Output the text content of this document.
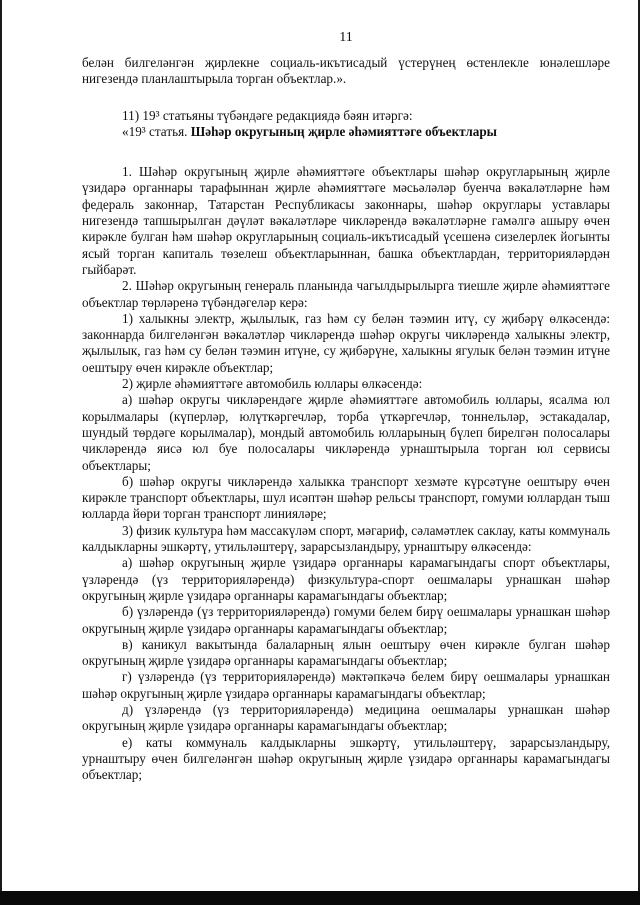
11

белән билгеләнгән җирлекне социаль-икътисадый үстерүнең өстенлекле юнәлешләре нигезендә планлаштырыла торган объектлар.».

11) 19³ статьяны түбәндәге редакциядә бәян итәргә:

«19³ статья. Шәһәр округының җирле әһәмияттәге объектлары

1. Шәһәр округының җирле әһәмияттәге объектлары шәһәр округларының җирле үзидарә органнары тарафыннан җирле әһәмияттәге мәсьәләләр буенча вәкаләтләрне һәм федераль законнар, Татарстан Республикасы законнары, шәһәр округлары уставлары нигезендә тапшырылган дәүләт вәкаләтләре чикләрендә вәкаләтләрне гамәлгә ашыру өчен кирәкле булган һәм шәһәр округларының социаль-икътисадый үсешенә сизелерлек йогынты ясый торган капиталь төзелеш объектларыннан, башка объектлардан, территорияләрдән гыйбарәт.

2. Шәһәр округының генераль планында чагылдырылырга тиешле җирле әһәмияттәге объектлар төрләренә түбәндәгеләр керә:

1) халыкны электр, җылылык, газ һәм су белән тәэмин итү, су җибәрү өлкәсендә: законнарда билгеләнгән вәкаләтләр чикләрендә шәһәр округы чикләрендә халыкны электр, җылылык, газ һәм су белән тәэмин итүне, су җибәрүне, халыкны ягулык белән тәэмин итүне оештыру өчен кирәкле объектлар;

2) җирле әһәмияттәге автомобиль юллары өлкәсендә:

а) шәһәр округы чикләрендәге җирле әһәмияттәге автомобиль юллары, ясалма юл корылмалары (күперләр, юлүткәргечләр, торба үткәргечләр, тоннельләр, эстакадалар, шундый төрдәге корылмалар), мондый автомобиль юлларының бүлеп бирелгән полосалары чикләрендә яисә юл буе полосалары чикләрендә урнаштырыла торган юл сервисы объектлары;

б) шәһәр округы чикләрендә халыкка транспорт хезмәте күрсәтүне оештыру өчен кирәкле транспорт объектлары, шул исәптән шәһәр рельсы транспорт, гомуми юллардан тыш юлларда йөри торган транспорт линияләре;

3) физик культура һәм массакүләм спорт, мәгариф, сәламәтлек саклау, каты коммуналь калдыкларны эшкәртү, утильләштерү, зарарсызландыру, урнаштыру өлкәсендә:

а) шәһәр округының җирле үзидарә органнары карамагындагы спорт объектлары, үзләрендә (үз территорияләрендә) физкультура-спорт оешмалары урнашкан шәһәр округының җирле үзидарә органнары карамагындагы объектлар;

б) үзләрендә (үз территорияләрендә) гомуми белем бирү оешмалары урнашкан шәһәр округының җирле үзидарә органнары карамагындагы объектлар;

в) каникул вакытында балаларның ялын оештыру өчен кирәкле булган шәһәр округының җирле үзидарә органнары карамагындагы объектлар;

г) үзләрендә (үз территорияләрендә) мәктәпкәчә белем бирү оешмалары урнашкан шәһәр округының җирле үзидарә органнары карамагындагы объектлар;

д) үзләрендә (үз территорияләрендә) медицина оешмалары урнашкан шәһәр округының җирле үзидарә органнары карамагындагы объектлар;

е) каты коммуналь калдыкларны эшкәртү, утильләштерү, зарарсызландыру, урнаштыру өчен билгеләнгән шәһәр округының җирле үзидарә органнары карамагындагы объектлар;
